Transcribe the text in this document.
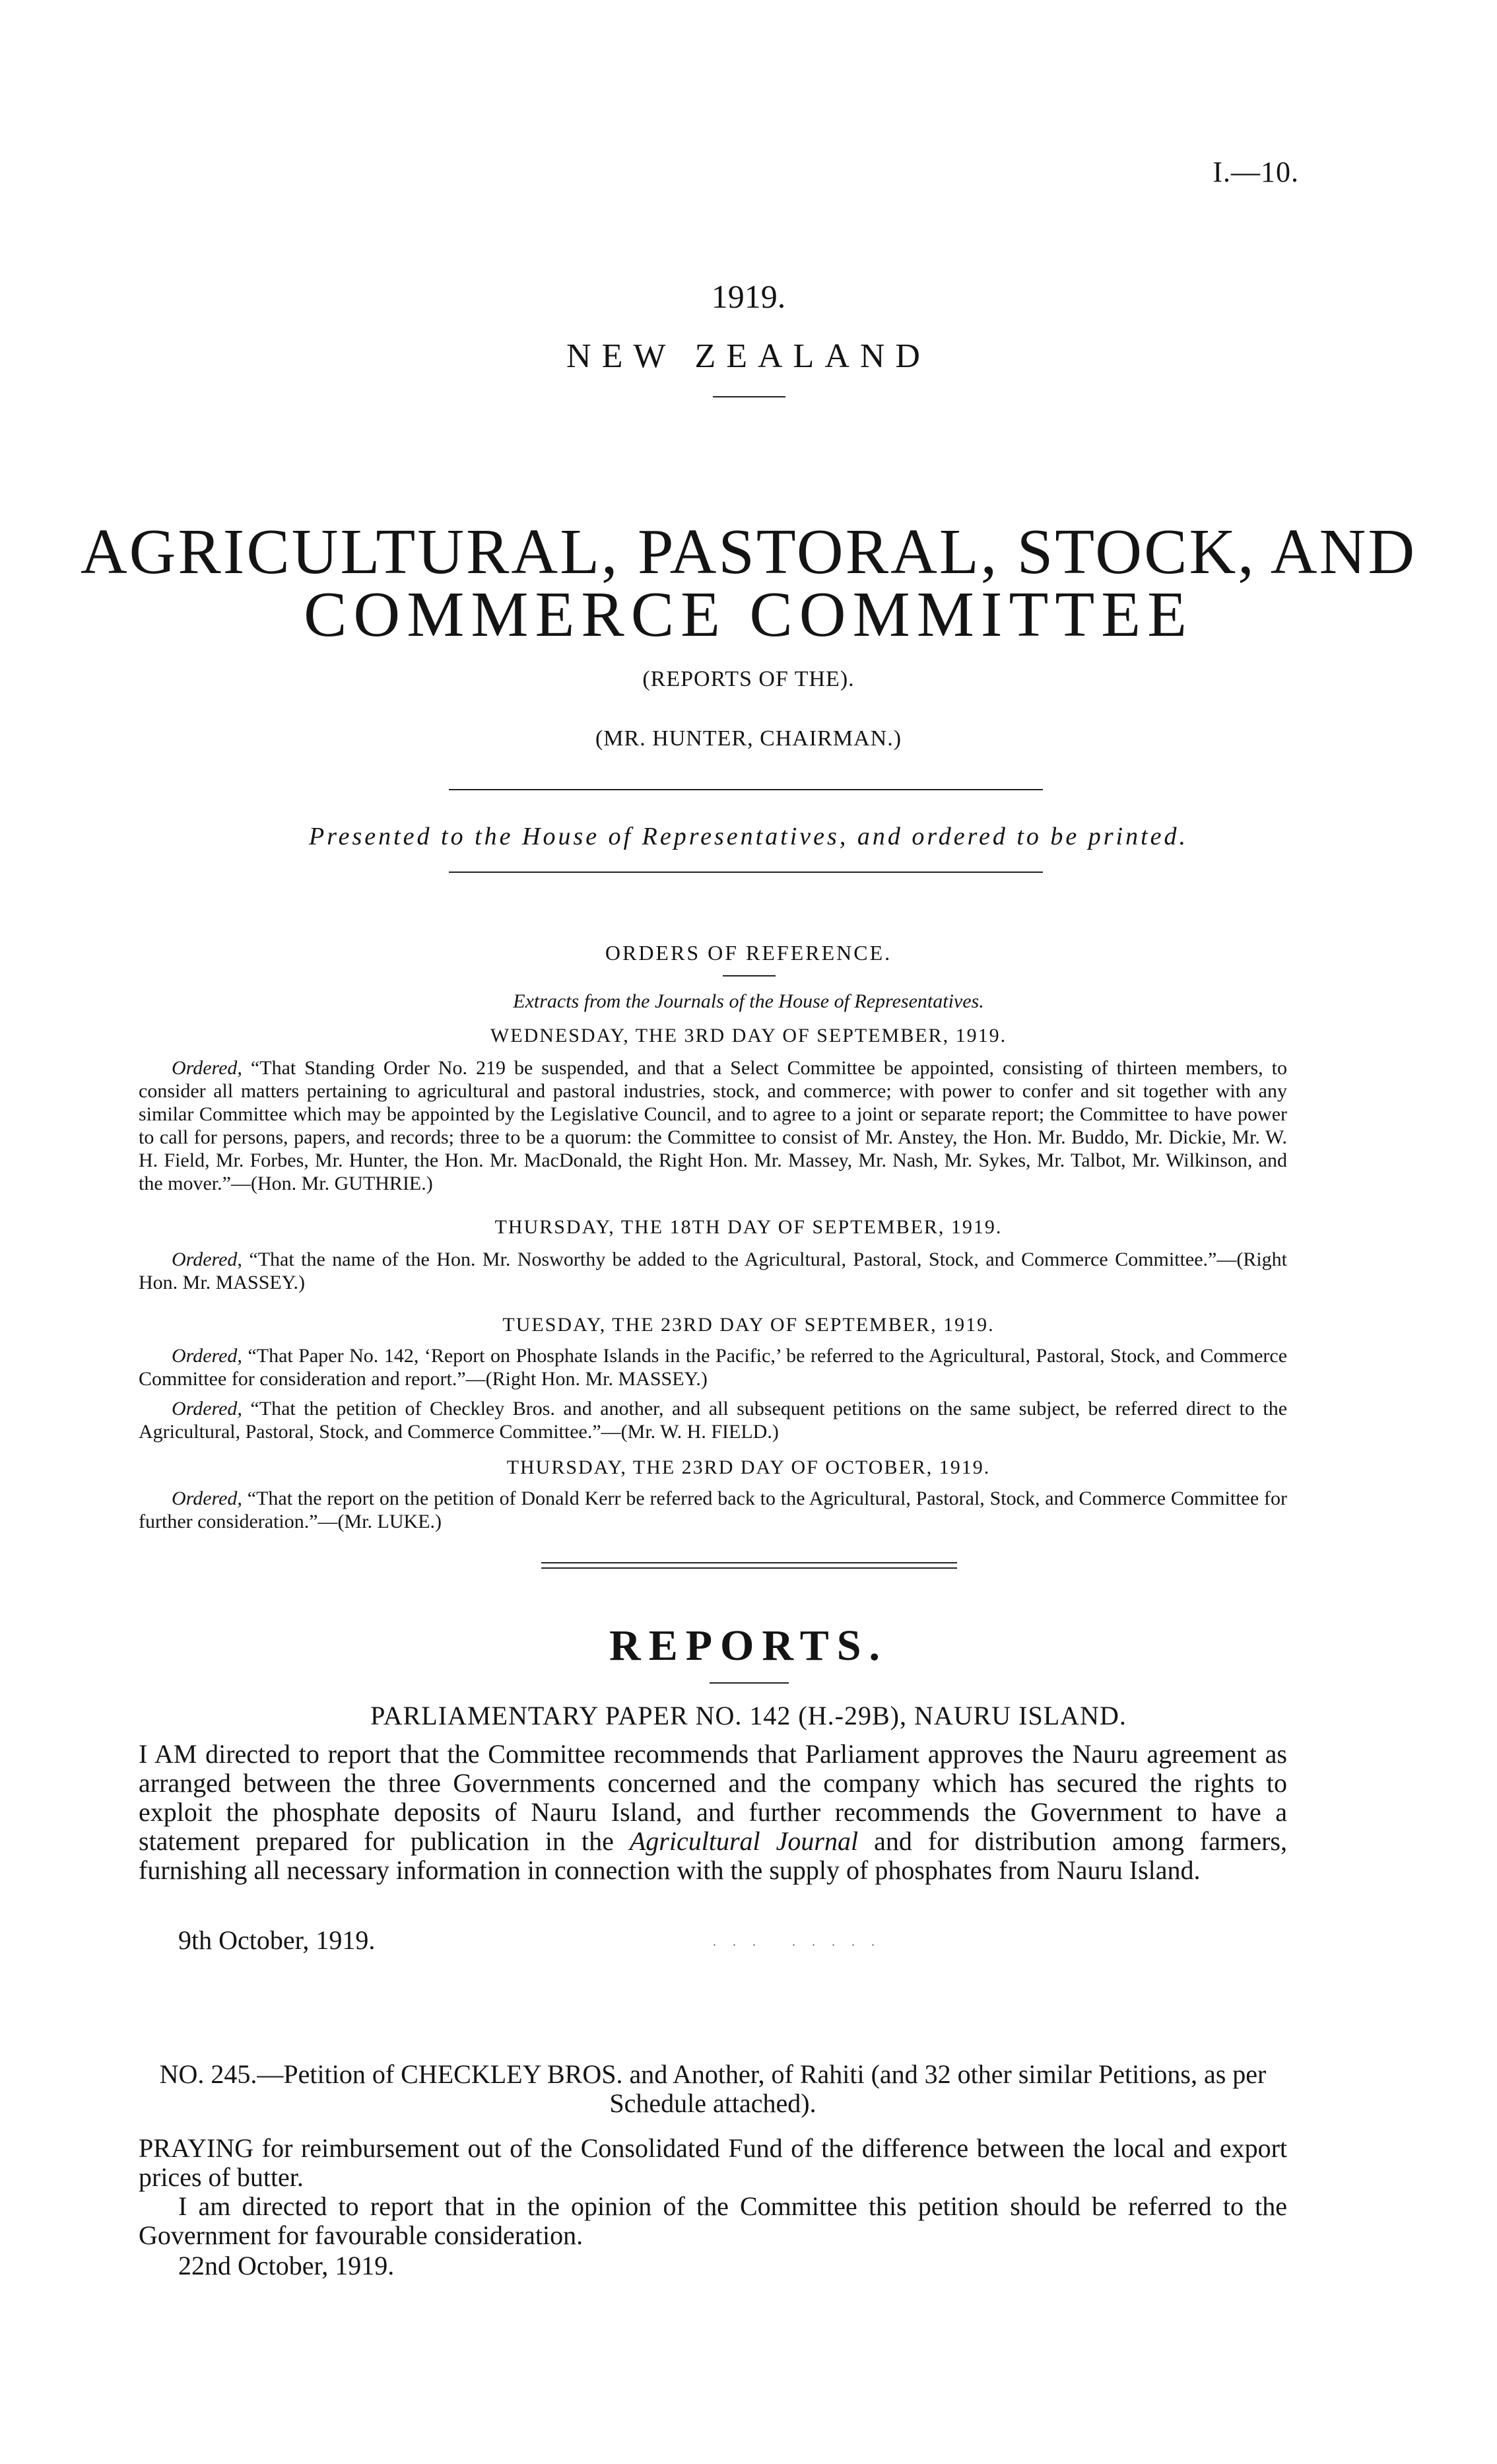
I.—10.
1919.
NEW ZEALAND
AGRICULTURAL, PASTORAL, STOCK, AND
COMMERCE COMMITTEE
(REPORTS OF THE).
(MR. HUNTER, CHAIRMAN.)
Presented to the House of Representatives, and ordered to be printed.
ORDERS OF REFERENCE.
Extracts from the Journals of the House of Representatives.
WEDNESDAY, THE 3RD DAY OF SEPTEMBER, 1919.
Ordered, “That Standing Order No. 219 be suspended, and that a Select Committee be appointed, consisting of thirteen members, to consider all matters pertaining to agricultural and pastoral industries, stock, and commerce; with power to confer and sit together with any similar Committee which may be appointed by the Legislative Council, and to agree to a joint or separate report; the Committee to have power to call for persons, papers, and records; three to be a quorum: the Committee to consist of Mr. Anstey, the Hon. Mr. Buddo, Mr. Dickie, Mr. W. H. Field, Mr. Forbes, Mr. Hunter, the Hon. Mr. MacDonald, the Right Hon. Mr. Massey, Mr. Nash, Mr. Sykes, Mr. Talbot, Mr. Wilkinson, and the mover.”—(Hon. Mr. GUTHRIE.)
THURSDAY, THE 18TH DAY OF SEPTEMBER, 1919.
Ordered, “That the name of the Hon. Mr. Nosworthy be added to the Agricultural, Pastoral, Stock, and Commerce Committee.”—(Right Hon. Mr. MASSEY.)
TUESDAY, THE 23RD DAY OF SEPTEMBER, 1919.
Ordered, “That Paper No. 142, ‘Report on Phosphate Islands in the Pacific,’ be referred to the Agricultural, Pastoral, Stock, and Commerce Committee for consideration and report.”—(Right Hon. Mr. MASSEY.)
Ordered, “That the petition of Checkley Bros. and another, and all subsequent petitions on the same subject, be referred direct to the Agricultural, Pastoral, Stock, and Commerce Committee.”—(Mr. W. H. FIELD.)
THURSDAY, THE 23RD DAY OF OCTOBER, 1919.
Ordered, “That the report on the petition of Donald Kerr be referred back to the Agricultural, Pastoral, Stock, and Commerce Committee for further consideration.”—(Mr. LUKE.)
REPORTS.
PARLIAMENTARY PAPER NO. 142 (H.-29B), NAURU ISLAND.
I AM directed to report that the Committee recommends that Parliament approves the Nauru agreement as arranged between the three Governments concerned and the company which has secured the rights to exploit the phosphate deposits of Nauru Island, and further recommends the Government to have a statement prepared for publication in the Agricultural Journal and for distribution among farmers, furnishing all necessary information in connection with the supply of phosphates from Nauru Island.
9th October, 1919.	. . .   . . . . .
NO. 245.—Petition of CHECKLEY BROS. and Another, of Rahiti (and 32 other similar Petitions, as per Schedule attached).
PRAYING for reimbursement out of the Consolidated Fund of the difference between the local and export prices of butter.
I am directed to report that in the opinion of the Committee this petition should be referred to the Government for favourable consideration.
22nd October, 1919.
